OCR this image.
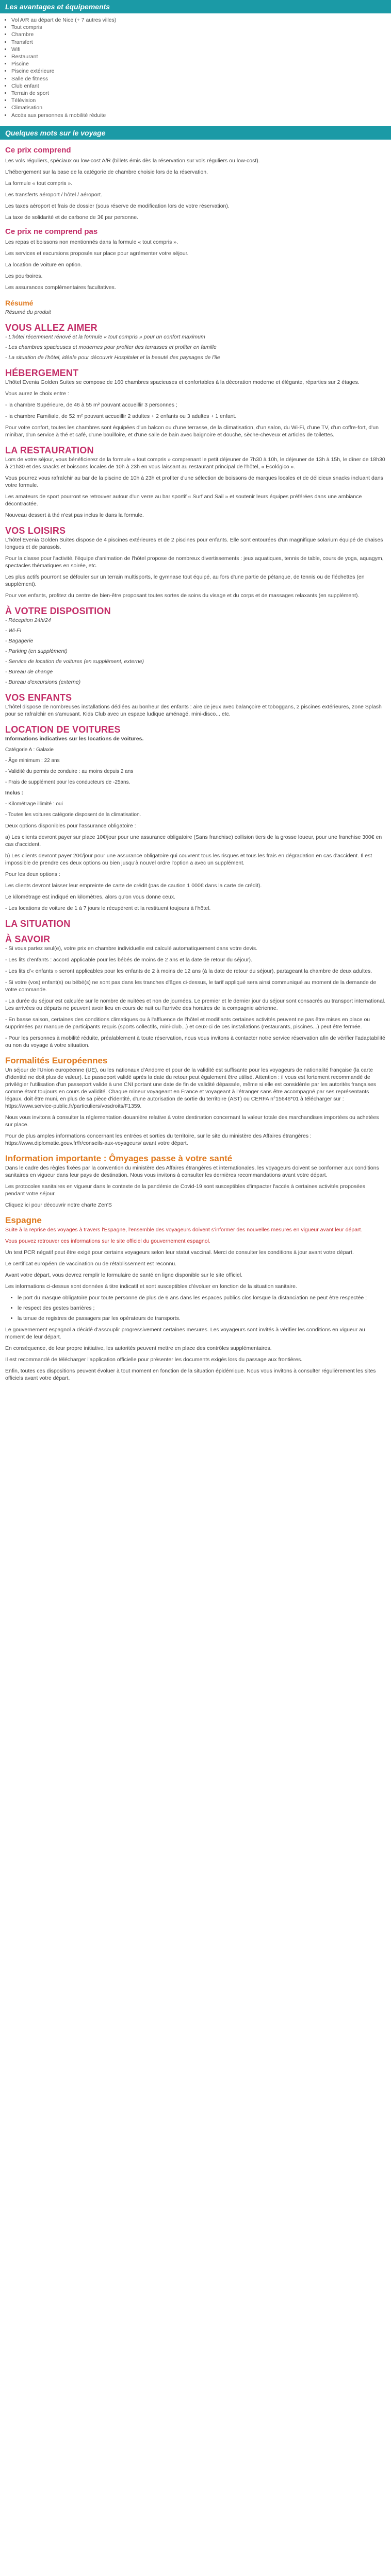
Les avantages et équipements
• Vol A/R au départ de Nice (+ 7 autres villes)
• Tout compris
• Chambre
• Transfert
• Wifi
• Restaurant
• Piscine
• Piscine extérieure
• Salle de fitness
• Club enfant
• Terrain de sport
• Télévision
• Climatisation
• Accès aux personnes à mobilité réduite
Quelques mots sur le voyage
Ce prix comprend

Les vols réguliers, spéciaux ou low-cost A/R (billets émis dès la réservation sur vols réguliers ou low-cost).

L'hébergement sur la base de la catégorie de chambre choisie lors de la réservation.

La formule « tout compris ».

Les transferts aéroport / hôtel / aéroport.

Les taxes aéroport et frais de dossier (sous réserve de modification lors de votre réservation).

La taxe de solidarité et de carbone de 3€ par personne.

Ce prix ne comprend pas

Les repas et boissons non mentionnés dans la formule « tout compris ».

Les services et excursions proposés sur place pour agrémenter votre séjour.

La location de voiture en option.

Les pourboires.

Les assurances complémentaires facultatives.

Résumé

Résumé du produit

VOUS ALLEZ AIMER

- L'hôtel récemment rénové et la formule « tout compris » pour un confort maximum

- Les chambres spacieuses et modernes pour profiter des terrasses et profiter en famille

- La situation de l'hôtel, idéale pour découvrir Hospitalet et la beauté des paysages de l'île

HÉBERGEMENT

L'hôtel Evenia Golden Suites se compose de 160 chambres spacieuses et confortables à la décoration moderne et élégante, réparties sur 2 étages.

Vous aurez le choix entre :

- la chambre Supérieure, de 46 à 55 m² pouvant accueillir 3 personnes ;

- la chambre Familiale, de 52 m² pouvant accueillir 2 adultes + 2 enfants ou 3 adultes + 1 enfant.

Pour votre confort, toutes les chambres sont équipées d'un balcon ou d'une terrasse, de la climatisation, d'un salon, du Wi-Fi, d'une TV, d'un coffre-fort, d'un minibar, d'un service à thé et café, d'une bouilloire, et d'une salle de bain avec baignoire et douche, sèche-cheveux et articles de toilettes.

LA RESTAURATION

Lors de votre séjour, vous bénéficierez de la formule « tout compris » comprenant le petit déjeuner de 7h30 à 10h, le déjeuner de 13h à 15h, le dîner de 18h30 à 21h30 et des snacks et boissons locales de 10h à 23h en vous laissant au restaurant principal de l'hôtel, « Ecológico ».

Vous pourrez vous rafraîchir au bar de la piscine de 10h à 23h et profiter d'une sélection de boissons de marques locales et de délicieux snacks incluant dans votre formule.

Les amateurs de sport pourront se retrouver autour d'un verre au bar sportif « Surf and Sail » et soutenir leurs équipes préférées dans une ambiance décontractée.

Nouveau dessert à thé n'est pas inclus le dans la formule.

VOS LOISIRS

L'hôtel Evenia Golden Suites dispose de 4 piscines extérieures et de 2 piscines pour enfants. Elle sont entourées d'un magnifique solarium équipé de chaises longues et de parasols.

Pour la classe pour l'activité, l'équipe d'animation de l'hôtel propose de nombreux divertissements : jeux aquatiques, tennis de table, cours de yoga, aquagym, spectacles thématiques en soirée, etc.

Les plus actifs pourront se défouler sur un terrain multisports, le gymnase tout équipé, au fors d'une partie de pétanque, de tennis ou de fléchettes (en supplément).

Pour vos enfants, profitez du centre de bien-être proposant toutes sortes de soins du visage et du corps et de massages relaxants (en supplément).

À VOTRE DISPOSITION

- Réception 24h/24

- Wi-Fi

- Bagagerie

- Parking (en supplément)

- Service de location de voitures (en supplément, externe)

- Bureau de change

- Bureau d'excursions (externe)

VOS ENFANTS

L'hôtel dispose de nombreuses installations dédiées au bonheur des enfants : aire de jeux avec balançoire et toboggans, 2 piscines extérieures, zone Splash pour se rafraîchir en s'amusant. Kids Club avec un espace ludique aménagé, mini-disco... etc.

LOCATION DE VOITURES

Informations indicatives sur les locations de voitures.

Catégorie A : Galaxie

- Âge minimum : 22 ans

- Validité du permis de conduire : au moins depuis 2 ans

- Frais de supplément pour les conducteurs de -25ans.

Inclus :

- Kilométrage illimité : oui

- Toutes les voitures catégorie disposent de la climatisation.

Deux options disponibles pour l'assurance obligatoire :

a) Les clients devront payer sur place 10€/jour pour une assurance obligatoire (Sans franchise) collision tiers de la grosse loueur, pour une franchise 300€ en cas d'accident.

b) Les clients devront payer 20€/jour pour une assurance obligatoire qui couvrent tous les risques et tous les frais en dégradation en cas d'accident. Il est impossible de prendre ces deux options ou bien jusqu'à nouvel ordre l'option a avec un supplément.

Pour les deux options :

Les clients devront laisser leur empreinte de carte de crédit (pas de caution 1 000€ dans la carte de crédit).

Le kilométrage est indiqué en kilomètres, alors qu'on vous donne ceux.

- Les locations de voiture de 1 à 7 jours le récupèrent et la restituent toujours à l'hôtel.

LA SITUATION
À SAVOIR

- Si vous partez seul(e), votre prix en chambre individuelle est calculé automatiquement dans votre devis.

- Les lits d'enfants : accord applicable pour les bébés de moins de 2 ans et la date de retour du séjour).

- Les lits d'« enfants » seront applicables pour les enfants de 2 à moins de 12 ans (à la date de retour du séjour), partageant la chambre de deux adultes.

- Si votre (vos) enfant(s) ou bébé(s) ne sont pas dans les tranches d'âges ci-dessus, le tarif appliqué sera ainsi communiqué au moment de la demande de votre commande.

- La durée du séjour est calculée sur le nombre de nuitées et non de journées. Le premier et le dernier jour du séjour sont consacrés au transport international. Les arrivées ou départs ne peuvent avoir lieu en cours de nuit ou l'arrivée des horaires de la compagnie aérienne.

- En basse saison, certaines des conditions climatiques ou à l'affluence de l'hôtel et modifiants certaines activités peuvent ne pas être mises en place ou supprimées par manque de participants requis (sports collectifs, mini-club...) et ceux-ci de ces installations (restaurants, piscines...) peut être fermée.

- Pour les personnes à mobilité réduite, préalablement à toute réservation, nous vous invitons à contacter notre service réservation afin de vérifier l'adaptabilité ou non du voyage à votre situation.

Formalités Européennes

Un séjour de l'Union européenne (UE), ou les nationaux d'Andorre et pour de la validité est suffisante pour les voyageurs de nationalité française (la carte d'identité ne doit plus de valeur). Le passeport validé après la date du retour peut également être utilisé. Attention : il vous est fortement recommandé de privilégier l'utilisation d'un passeport valide à une CNI portant une date de fin de validité dépassée, même si elle est considérée par les autorités françaises comme étant toujours en cours de validité. Chaque mineur voyageant en France et voyageant à l'étranger sans être accompagné par ses représentants légaux, doit être muni, en plus de sa pièce d'identité, d'une autorisation de sortie du territoire (AST) ou CERFA n°15646*01 à télécharger sur : https://www.service-public.fr/particuliers/vosdroits/F1359.

Nous vous invitons à consulter la réglementation douanière relative à votre destination concernant la valeur totale des marchandises importées ou achetées sur place.

Pour de plus amples informations concernant les entrées et sorties du territoire, sur le site du ministère des Affaires étrangères : https://www.diplomatie.gouv.fr/fr/conseils-aux-voyageurs/ avant votre départ.

Information importante : Ômyages passe à votre santé

Dans le cadre des règles fixées par la convention du ministère des Affaires étrangères et internationales, les voyageurs doivent se conformer aux conditions sanitaires en vigueur dans leur pays de destination. Nous vous invitons à consulter les dernières recommandations avant votre départ.

Les protocoles sanitaires en vigueur dans le contexte de la pandémie de Covid-19 sont susceptibles d'impacter l'accès à certaines activités proposées pendant votre séjour.

Cliquez ici pour découvrir notre charte Zen'S

Espagne

Suite à la reprise des voyages à travers l'Espagne, l'ensemble des voyageurs doivent s'informer des nouvelles mesures en vigueur avant leur départ.

Vous pouvez retrouver ces informations sur le site officiel du gouvernement espagnol.

Un test PCR négatif peut être exigé pour certains voyageurs selon leur statut vaccinal. Merci de consulter les conditions à jour avant votre départ.

Le certificat européen de vaccination ou de rétablissement est reconnu.

Avant votre départ, vous devrez remplir le formulaire de santé en ligne disponible sur le site officiel.

Les informations ci-dessus sont données à titre indicatif et sont susceptibles d'évoluer en fonction de la situation sanitaire.

• le port du masque obligatoire pour toute personne de plus de 6 ans dans les espaces publics clos lorsque la distanciation ne peut être respectée ;
• le respect des gestes barrières ;
• la tenue de registres de passagers par les opérateurs de transports.

Le gouvernement espagnol a décidé d'assouplir progressivement certaines mesures. Les voyageurs sont invités à vérifier les conditions en vigueur au moment de leur départ.

En conséquence, de leur propre initiative, les autorités peuvent mettre en place des contrôles supplémentaires.

Il est recommandé de télécharger l'application officielle pour présenter les documents exigés lors du passage aux frontières.

Enfin, toutes ces dispositions peuvent évoluer à tout moment en fonction de la situation épidémique. Nous vous invitons à consulter régulièrement les sites officiels avant votre départ.
